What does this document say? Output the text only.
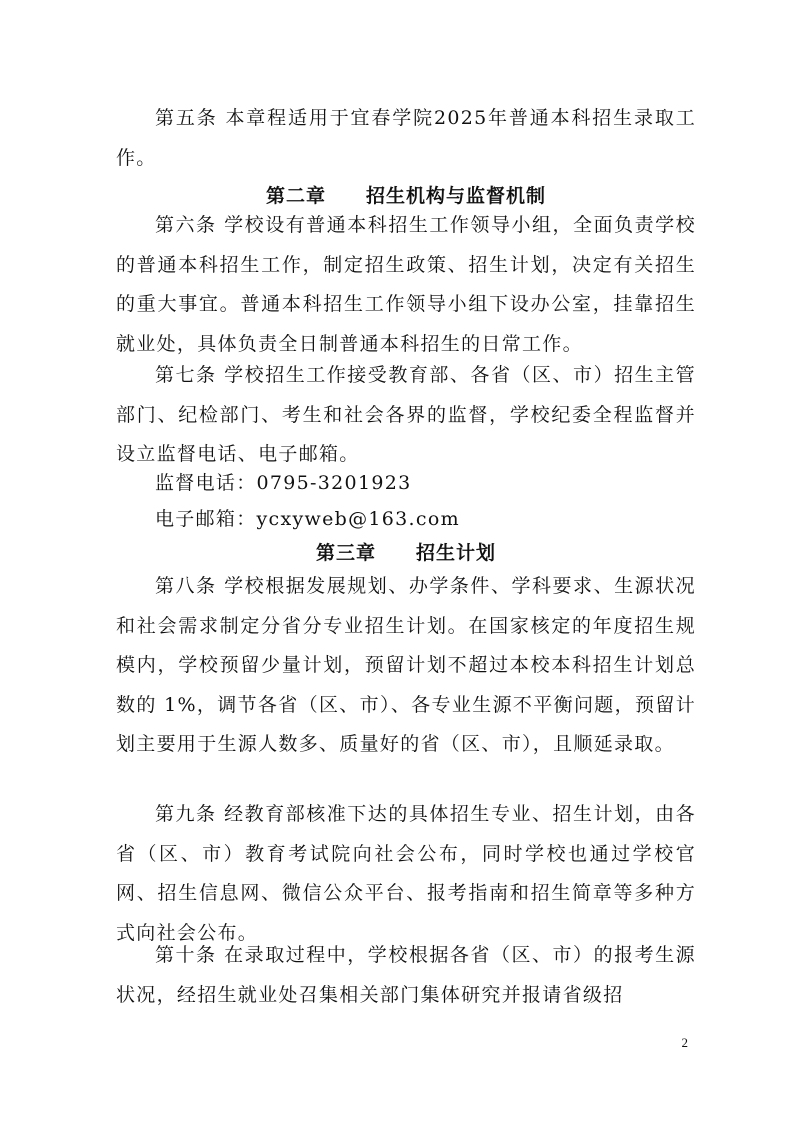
第五条 本章程适用于宜春学院2025年普通本科招生录取工作。

第二章 招生机构与监督机制

第六条 学校设有普通本科招生工作领导小组，全面负责学校的普通本科招生工作，制定招生政策、招生计划，决定有关招生的重大事宜。普通本科招生工作领导小组下设办公室，挂靠招生就业处，具体负责全日制普通本科招生的日常工作。

第七条 学校招生工作接受教育部、各省（区、市）招生主管部门、纪检部门、考生和社会各界的监督，学校纪委全程监督并设立监督电话、电子邮箱。

监督电话：0795-3201923

电子邮箱：ycxyweb@163.com

第三章 招生计划

第八条 学校根据发展规划、办学条件、学科要求、生源状况和社会需求制定分省分专业招生计划。在国家核定的年度招生规模内，学校预留少量计划，预留计划不超过本校本科招生计划总数的 1%，调节各省（区、市）、各专业生源不平衡问题，预留计划主要用于生源人数多、质量好的省（区、市），且顺延录取。

第九条 经教育部核准下达的具体招生专业、招生计划，由各省（区、市）教育考试院向社会公布，同时学校也通过学校官网、招生信息网、微信公众平台、报考指南和招生简章等多种方式向社会公布。

第十条 在录取过程中，学校根据各省（区、市）的报考生源状况，经招生就业处召集相关部门集体研究并报请省级招

2
